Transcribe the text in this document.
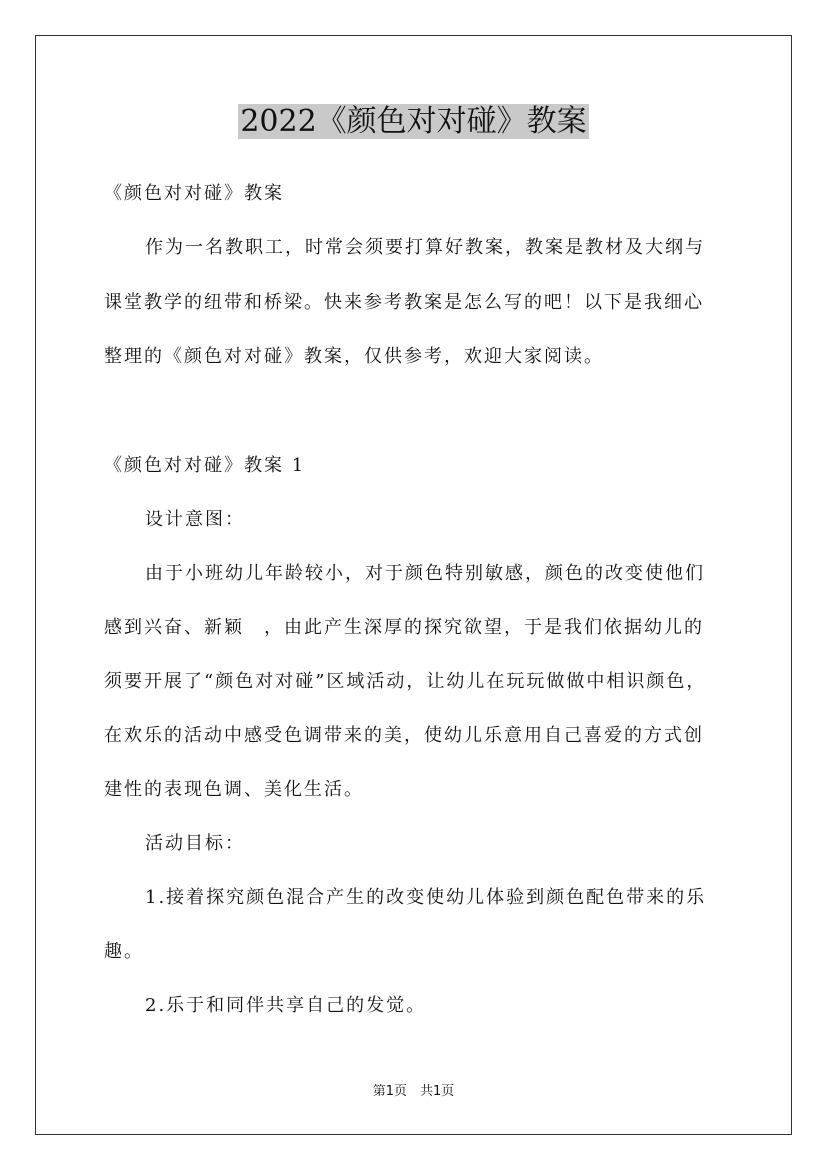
2022《颜色对对碰》教案
《颜色对对碰》教案
作为一名教职工，时常会须要打算好教案，教案是教材及大纲与
课堂教学的纽带和桥梁。快来参考教案是怎么写的吧！以下是我细心
整理的《颜色对对碰》教案，仅供参考，欢迎大家阅读。
《颜色对对碰》教案 1
设计意图：
由于小班幼儿年龄较小，对于颜色特别敏感，颜色的改变使他们
感到兴奋、新颖　，由此产生深厚的探究欲望，于是我们依据幼儿的
须要开展了“颜色对对碰”区域活动，让幼儿在玩玩做做中相识颜色，
在欢乐的活动中感受色调带来的美，使幼儿乐意用自己喜爱的方式创
建性的表现色调、美化生活。
活动目标：
1.接着探究颜色混合产生的改变使幼儿体验到颜色配色带来的乐
趣。
2.乐于和同伴共享自己的发觉。
第1页　共1页
